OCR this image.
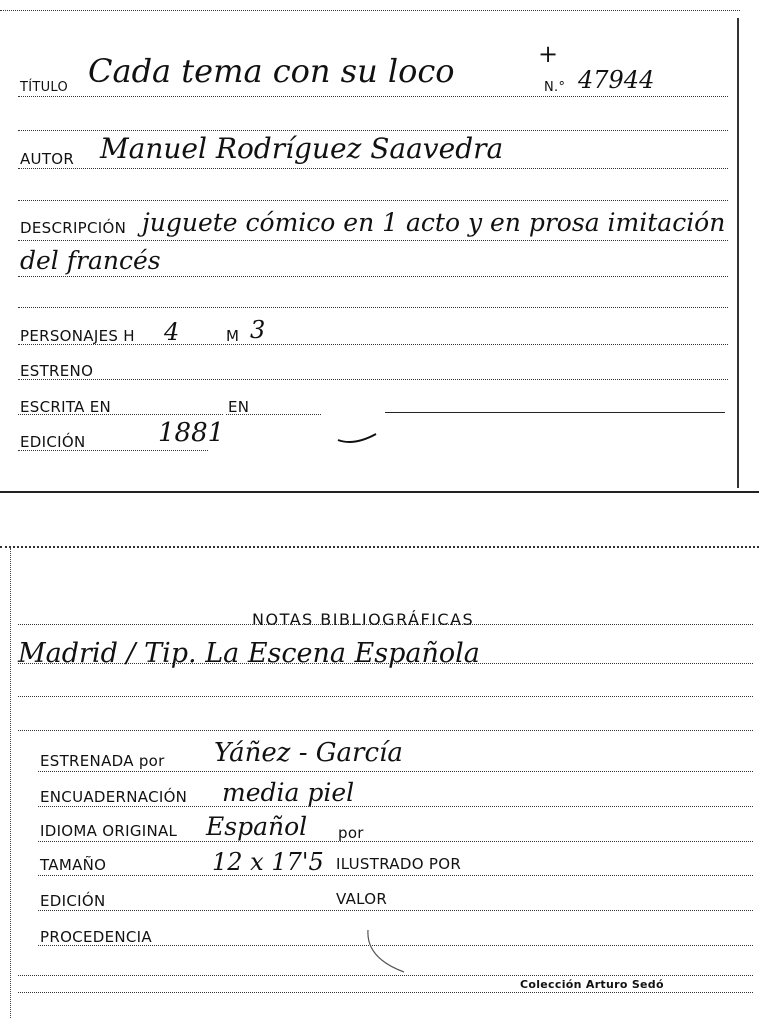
TÍTULO Cada tema con su loco	+
N.° 47944
AUTOR Manuel Rodríguez Saavedra
DESCRIPCIÓN juguete cómico en 1 acto y en prosa imitación
del francés
PERSONAJES H 4	M 3
ESTRENO
ESCRITA EN	EN
EDICIÓN	1881
NOTAS BIBLIOGRÁFICAS
Madrid / Tip. La Escena Española
ESTRENADA por Yáñez - García
ENCUADERNACIÓN media piel
IDIOMA ORIGINAL Español por
TAMAÑO	12 x 17'5 ILUSTRADO POR
EDICIÓN	VALOR
PROCEDENCIA
Colección Arturo Sedó
